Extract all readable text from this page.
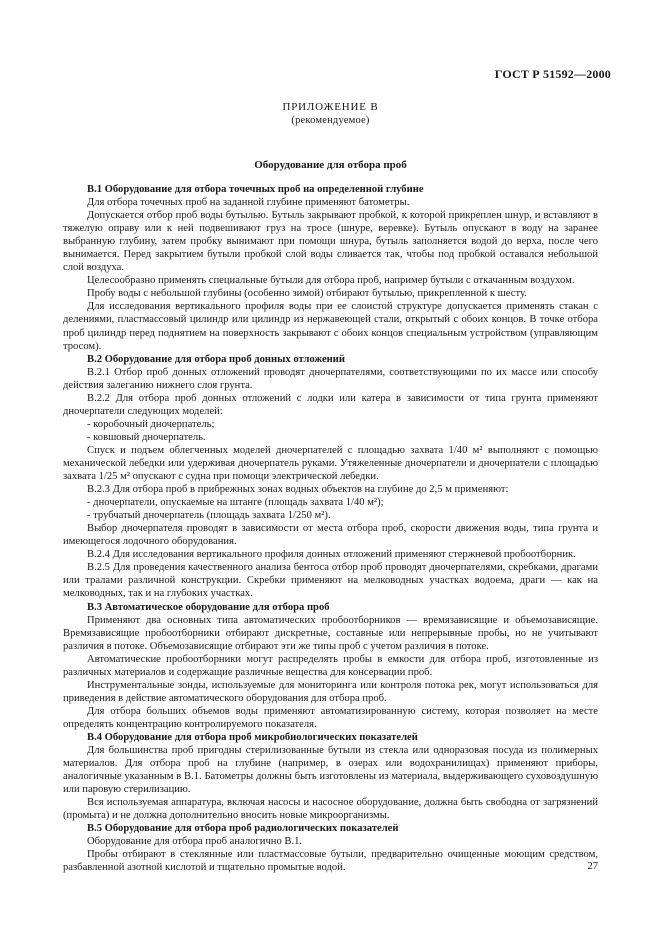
ГОСТ Р 51592—2000
ПРИЛОЖЕНИЕ В
(рекомендуемое)
Оборудование для отбора проб

В.1 Оборудование для отбора точечных проб на определенной глубине

Для отбора точечных проб на заданной глубине применяют батометры.

Допускается отбор проб воды бутылью. Бутыль закрывают пробкой, к которой прикреплен шнур, и вставляют в тяжелую оправу или к ней подвешивают груз на тросе (шнуре, веревке). Бутыль опускают в воду на заранее выбранную глубину, затем пробку вынимают при помощи шнура, бутыль заполняется водой до верха, после чего вынимается. Перед закрытием бутыли пробкой слой воды сливается так, чтобы под пробкой оставался небольшой слой воздуха.

Целесообразно применять специальные бутыли для отбора проб, например бутыли с откачанным воздухом.

Пробу воды с небольшой глубины (особенно зимой) отбирают бутылью, прикрепленной к шесту.

Для исследования вертикального профиля воды при ее слоистой структуре допускается применять стакан с делениями, пластмассовый цилиндр или цилиндр из нержавеющей стали, открытый с обоих концов. В точке отбора проб цилиндр перед поднятием на поверхность закрывают с обоих концов специальным устройством (управляющим тросом).

В.2 Оборудование для отбора проб донных отложений

В.2.1 Отбор проб донных отложений проводят дночерпателями, соответствующими по их массе или способу действия залеганию нижнего слоя грунта.

В.2.2 Для отбора проб донных отложений с лодки или катера в зависимости от типа грунта применяют дночерпатели следующих моделей:

- коробочный дночерпатель;

- ковшовый дночерпатель.

Спуск и подъем облегченных моделей дночерпателей с площадью захвата 1/40 м² выполняют с помощью механической лебедки или удерживая дночерпатель руками. Утяжеленные дночерпатели и дночерпатели с площадью захвата 1/25 м² опускают с судна при помощи электрической лебедки.

В.2.3 Для отбора проб в прибрежных зонах водных объектов на глубине до 2,5 м применяют:

- дночерпатели, опускаемые на штанге (площадь захвата 1/40 м²);

- трубчатый дночерпатель (площадь захвата 1/250 м²).

Выбор дночерпателя проводят в зависимости от места отбора проб, скорости движения воды, типа грунта и имеющегося лодочного оборудования.

В.2.4 Для исследования вертикального профиля донных отложений применяют стержневой пробоотборник.

В.2.5 Для проведения качественного анализа бентоса отбор проб проводят дночерпателями, скребками, драгами или тралами различной конструкции. Скребки применяют на мелководных участках водоема, драги — как на мелководных, так и на глубоких участках.

В.3 Автоматическое оборудование для отбора проб

Применяют два основных типа автоматических пробоотборников — времязависящие и объемозависящие. Времязависящие пробоотборники отбирают дискретные, составные или непрерывные пробы, но не учитывают различия в потоке. Объемозависящие отбирают эти же типы проб с учетом различия в потоке.

Автоматические пробоотборники могут распределять пробы в емкости для отбора проб, изготовленные из различных материалов и содержащие различные вещества для консервации проб.

Инструментальные зонды, используемые для мониторинга или контроля потока рек, могут использоваться для приведения в действие автоматического оборудования для отбора проб.

Для отбора больших объемов воды применяют автоматизированную систему, которая позволяет на месте определять концентрацию контролируемого показателя.

В.4 Оборудование для отбора проб микробиологических показателей

Для большинства проб пригодны стерилизованные бутыли из стекла или одноразовая посуда из полимерных материалов. Для отбора проб на глубине (например, в озерах или водохранилищах) применяют приборы, аналогичные указанным в В.1. Батометры должны быть изготовлены из материала, выдерживающего суховоздушную или паровую стерилизацию.

Вся используемая аппаратура, включая насосы и насосное оборудование, должна быть свободна от загрязнений (промыта) и не должна дополнительно вносить новые микроорганизмы.

В.5 Оборудование для отбора проб радиологических показателей

Оборудование для отбора проб аналогично В.1.

Пробы отбирают в стеклянные или пластмассовые бутыли, предварительно очищенные моющим средством, разбавленной азотной кислотой и тщательно промытые водой.	27
